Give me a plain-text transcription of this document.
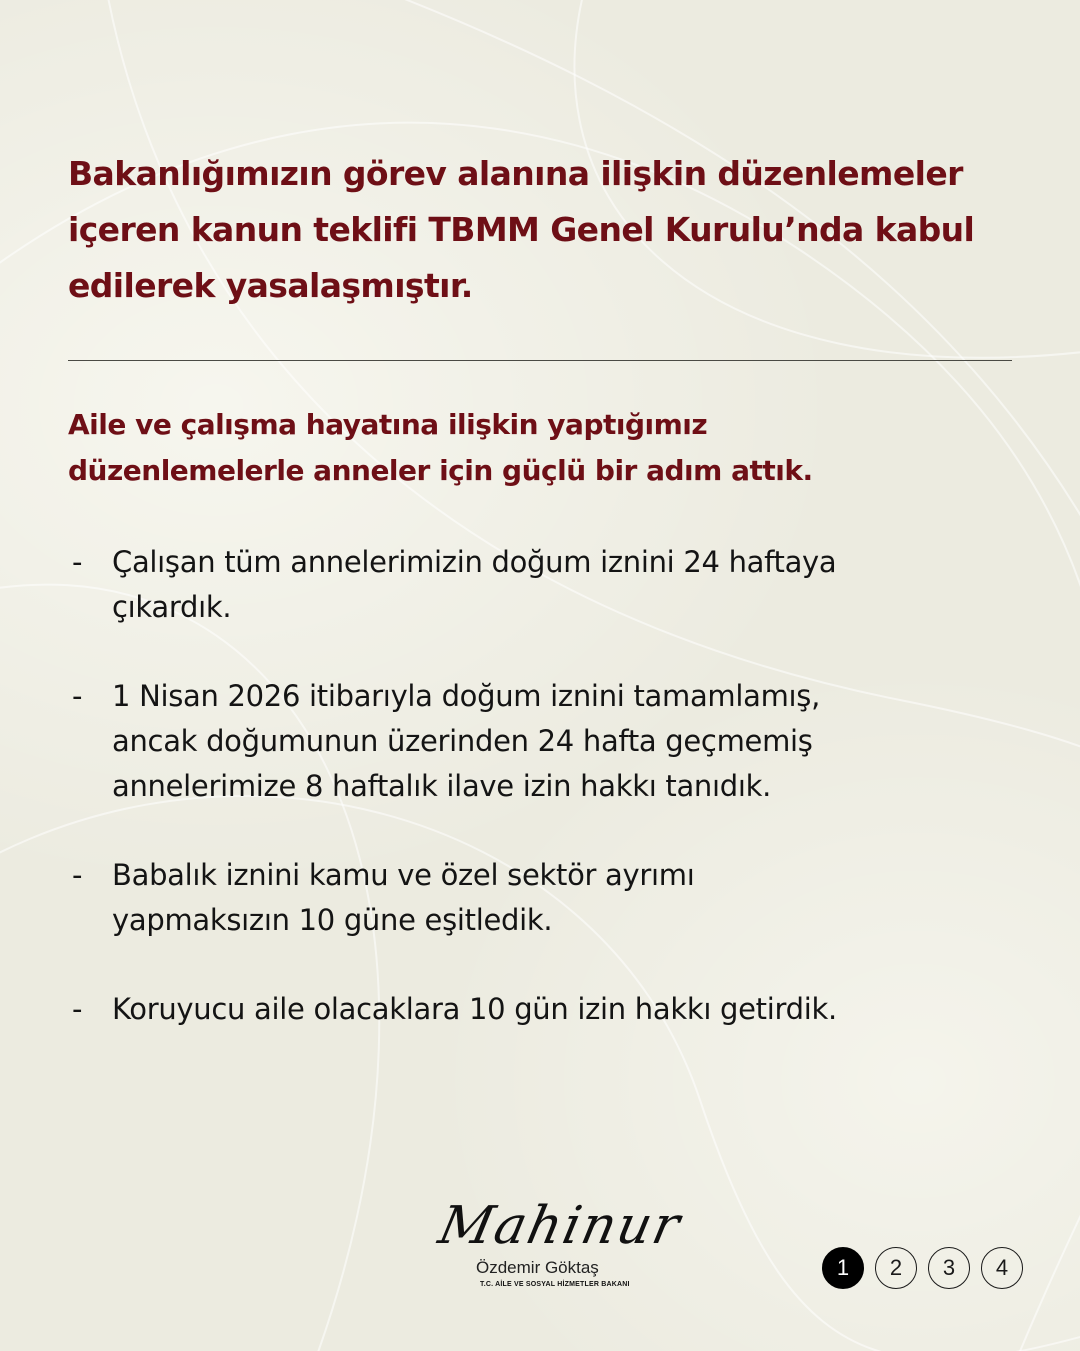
Bakanlığımızın görev alanına ilişkin düzenlemeler
içeren kanun teklifi TBMM Genel Kurulu’nda kabul
edilerek yasalaşmıştır.
Aile ve çalışma hayatına ilişkin yaptığımız
düzenlemelerle anneler için güçlü bir adım attık.
- Çalışan tüm annelerimizin doğum iznini 24 haftaya
çıkardık.
- 1 Nisan 2026 itibarıyla doğum iznini tamamlamış,
ancak doğumunun üzerinden 24 hafta geçmemiş
annelerimize 8 haftalık ilave izin hakkı tanıdık.
- Babalık iznini kamu ve özel sektör ayrımı
yapmaksızın 10 güne eşitledik.
- Koruyucu aile olacaklara 10 gün izin hakkı getirdik.
Mahinur
Özdemir Göktaş
T.C. AİLE VE SOSYAL HİZMETLER BAKANI
1	2	3	4
